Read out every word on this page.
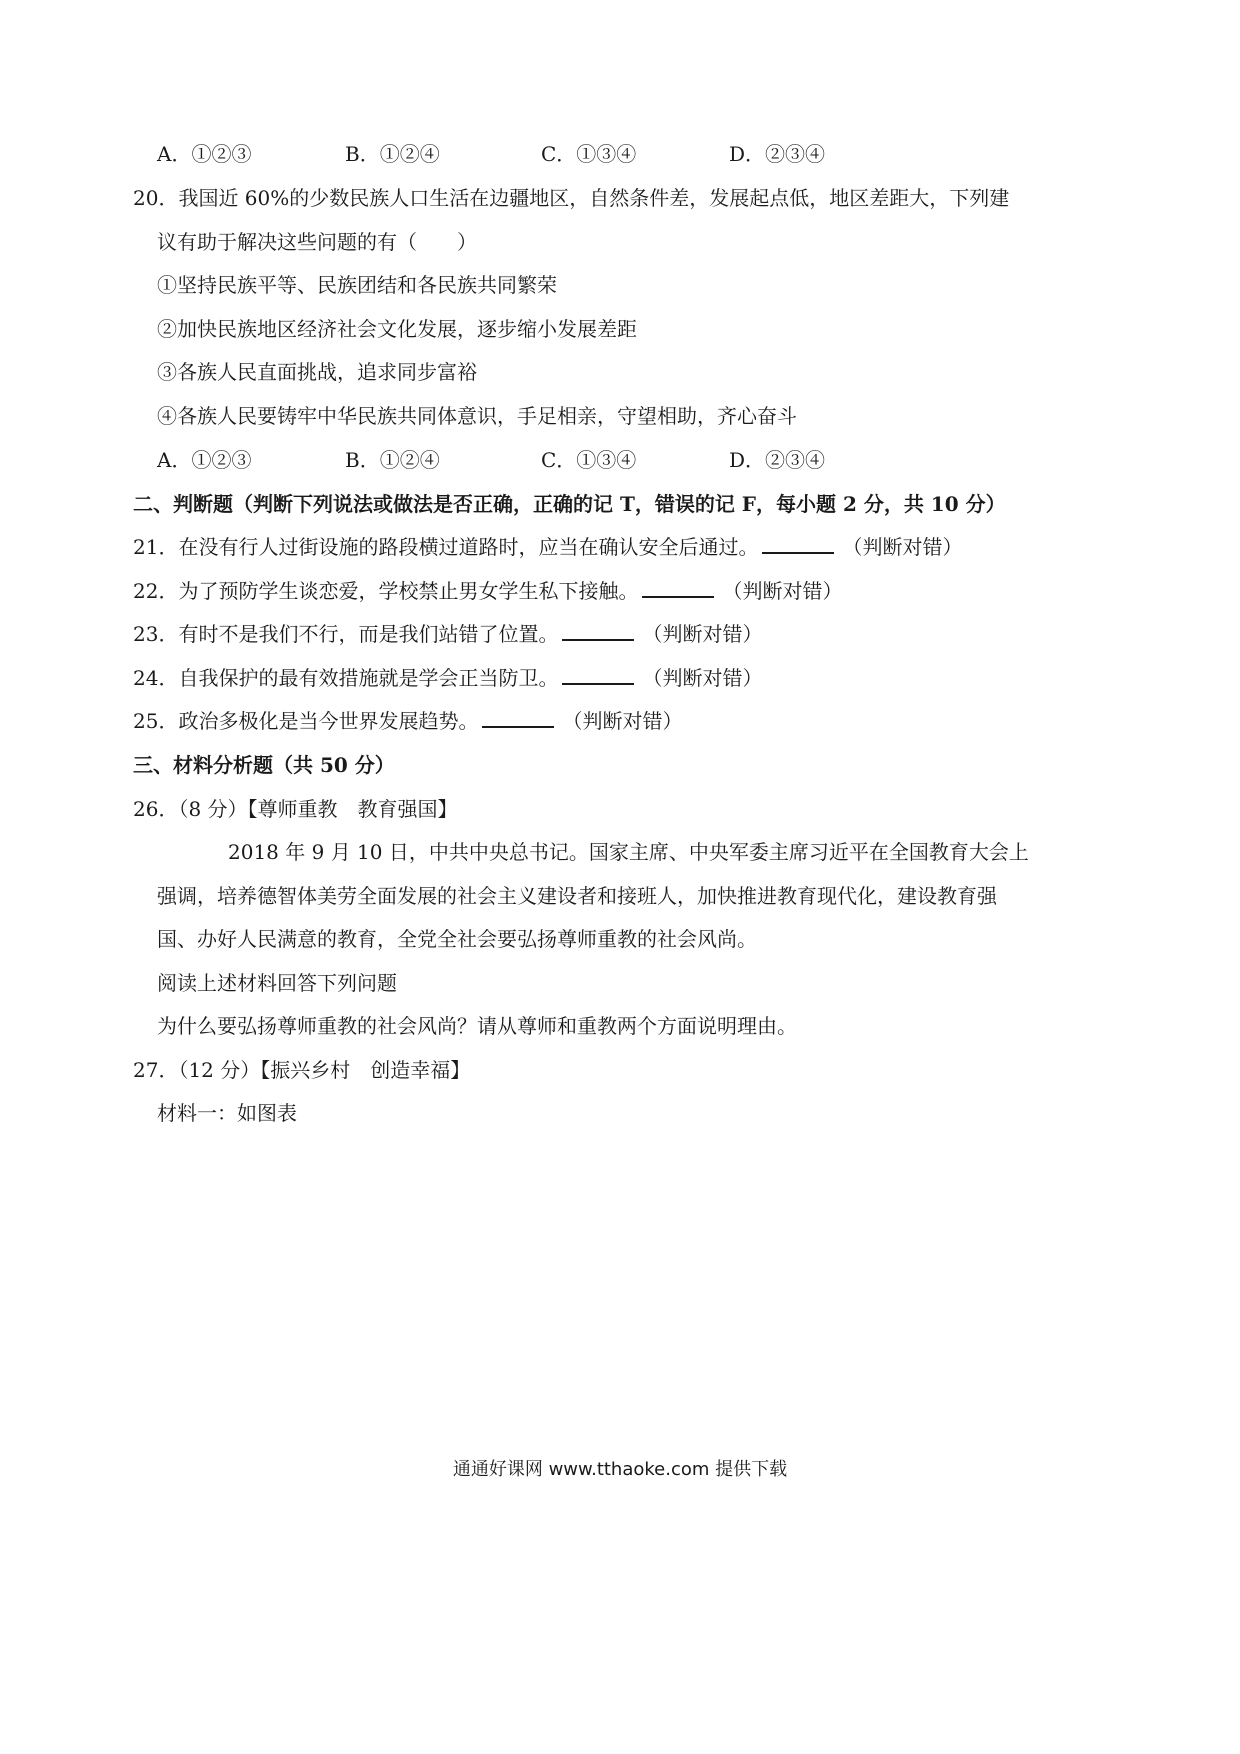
A．①②③	B．①②④	C．①③④	D．②③④
20．我国近 60%的少数民族人口生活在边疆地区，自然条件差，发展起点低，地区差距大，下列建
议有助于解决这些问题的有（　　）
①坚持民族平等、民族团结和各民族共同繁荣
②加快民族地区经济社会文化发展，逐步缩小发展差距
③各族人民直面挑战，追求同步富裕
④各族人民要铸牢中华民族共同体意识，手足相亲，守望相助，齐心奋斗
A．①②③	B．①②④	C．①③④	D．②③④
二、判断题（判断下列说法或做法是否正确，正确的记 T，错误的记 F，每小题 2 分，共 10 分）
21．在没有行人过街设施的路段横过道路时，应当在确认安全后通过。	（判断对错）
22．为了预防学生谈恋爱，学校禁止男女学生私下接触。	（判断对错）
23．有时不是我们不行，而是我们站错了位置。	（判断对错）
24．自我保护的最有效措施就是学会正当防卫。	（判断对错）
25．政治多极化是当今世界发展趋势。	（判断对错）
三、材料分析题（共 50 分）
26．（8 分）【尊师重教　教育强国】
2018 年 9 月 10 日，中共中央总书记。国家主席、中央军委主席习近平在全国教育大会上
强调，培养德智体美劳全面发展的社会主义建设者和接班人，加快推进教育现代化，建设教育强
国、办好人民满意的教育，全党全社会要弘扬尊师重教的社会风尚。
阅读上述材料回答下列问题
为什么要弘扬尊师重教的社会风尚？请从尊师和重教两个方面说明理由。
27．（12 分）【振兴乡村　创造幸福】
材料一：如图表
通通好课网 www.tthaoke.com 提供下载
